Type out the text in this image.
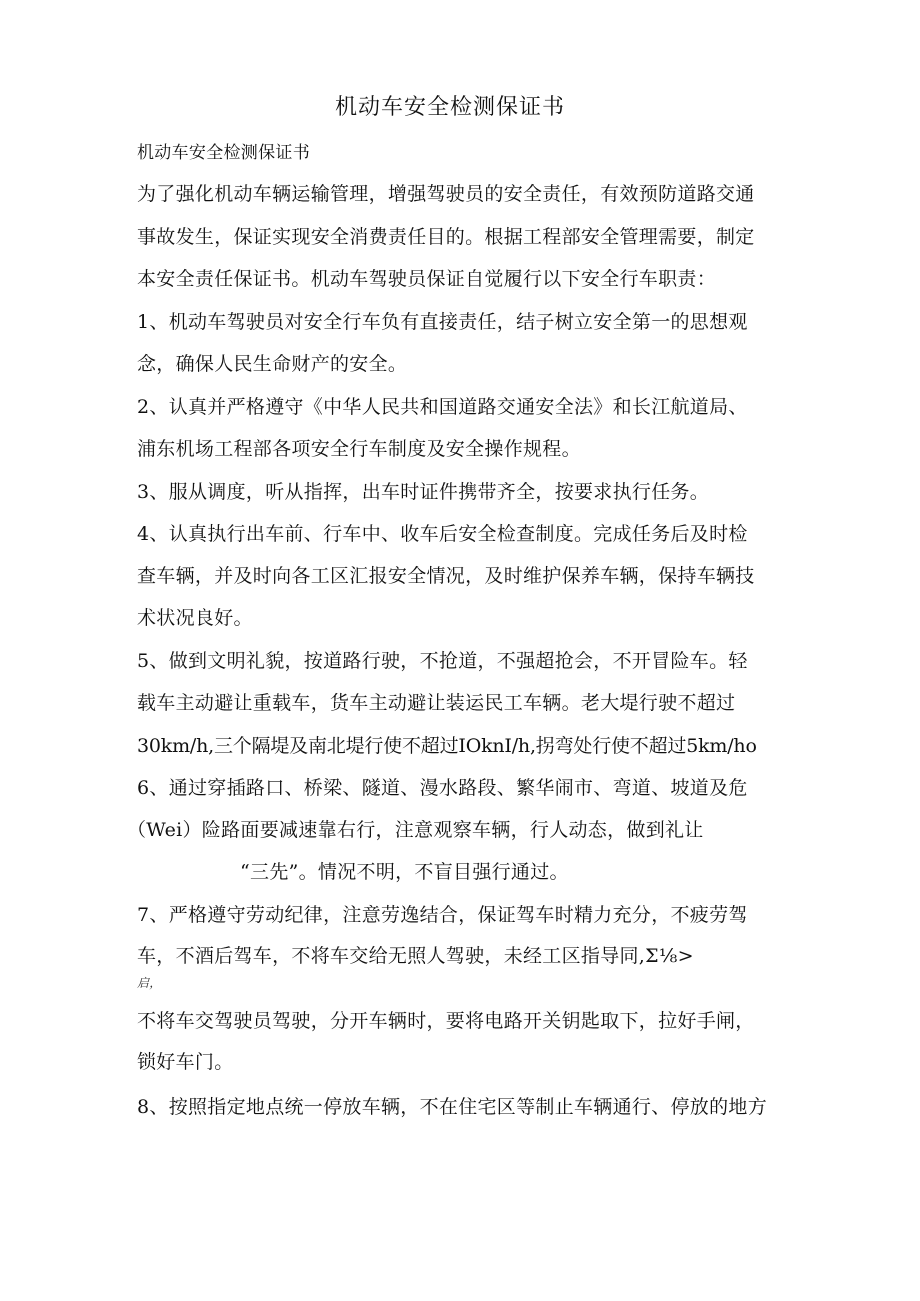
机动车安全检测保证书
机动车安全检测保证书
为了强化机动车辆运输管理，增强驾驶员的安全责任，有效预防道路交通
事故发生，保证实现安全消费责任目的。根据工程部安全管理需要，制定
本安全责任保证书。机动车驾驶员保证自觉履行以下安全行车职责：
1、机动车驾驶员对安全行车负有直接责任，结子树立安全第一的思想观
念，确保人民生命财产的安全。
2、认真并严格遵守《中华人民共和国道路交通安全法》和长江航道局、
浦东机场工程部各项安全行车制度及安全操作规程。
3、服从调度，听从指挥，出车时证件携带齐全，按要求执行任务。
4、认真执行出车前、行车中、收车后安全检查制度。完成任务后及时检
查车辆，并及时向各工区汇报安全情况，及时维护保养车辆，保持车辆技
术状况良好。
5、做到文明礼貌，按道路行驶，不抢道，不强超抢会，不开冒险车。轻
载车主动避让重载车，货车主动避让装运民工车辆。老大堤行驶不超过
30km∕h,三个隔堤及南北堤行使不超过IOknI∕h,拐弯处行使不超过5km/ho
6、通过穿插路口、桥梁、隧道、漫水路段、繁华闹市、弯道、坡道及危
（Wei）险路面要减速靠右行，注意观察车辆，行人动态，做到礼让
“三先”。情况不明，不盲目强行通过。
7、严格遵守劳动纪律，注意劳逸结合，保证驾车时精力充分，不疲劳驾
车，不酒后驾车，不将车交给无照人驾驶，未经工区指导同,Σ⅛>
启，
不将车交驾驶员驾驶，分开车辆时，要将电路开关钥匙取下，拉好手闸，
锁好车门。
8、按照指定地点统一停放车辆，不在住宅区等制止车辆通行、停放的地方
